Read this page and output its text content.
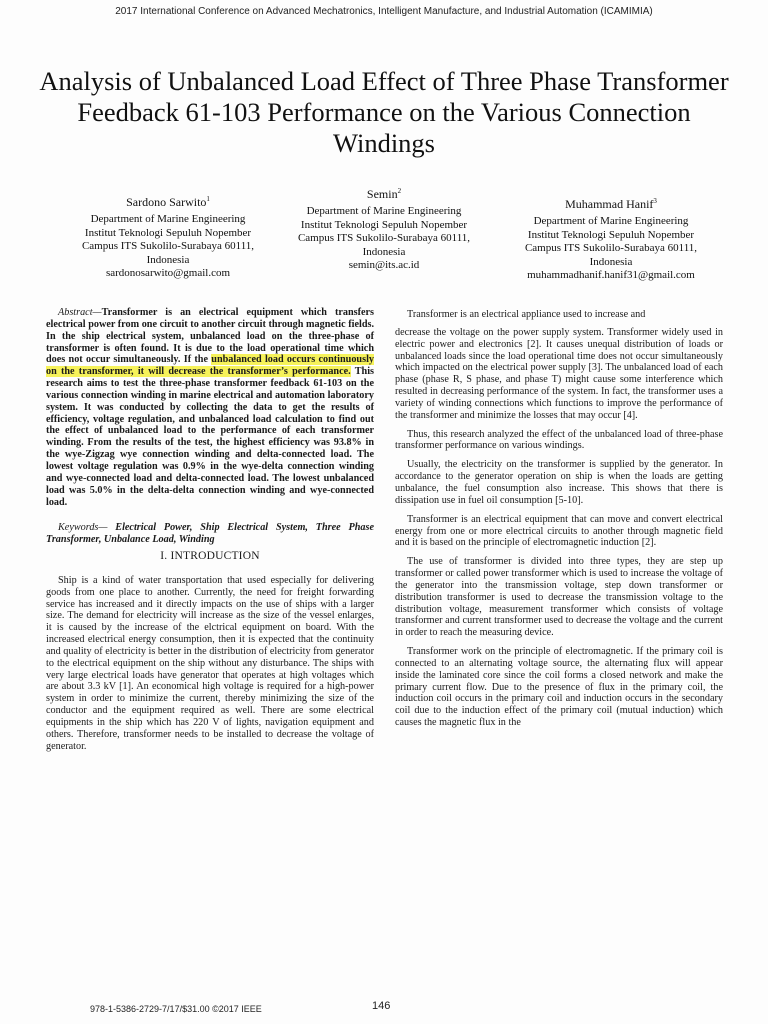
2017 International Conference on Advanced Mechatronics, Intelligent Manufacture, and Industrial Automation (ICAMIMIA)
Analysis of Unbalanced Load Effect of Three Phase Transformer Feedback 61-103 Performance on the Various Connection Windings
Sardono Sarwito$^1$
Department of Marine Engineering
Institut Teknologi Sepuluh Nopember
Campus ITS Sukolilo-Surabaya 60111,
Indonesia
sardonosarwito@gmail.com
Semin$^2$
Department of Marine Engineering
Institut Teknologi Sepuluh Nopember
Campus ITS Sukolilo-Surabaya 60111,
Indonesia
semin@its.ac.id
Muhammad Hanif$^3$
Department of Marine Engineering
Institut Teknologi Sepuluh Nopember
Campus ITS Sukolilo-Surabaya 60111,
Indonesia
muhammadhanif.hanif31@gmail.com

Abstract—Transformer is an electrical equipment which transfers electrical power from one circuit to another circuit through magnetic fields. In the ship electrical system, unbalanced load on the three-phase of transformer is often found. It is due to the load operational time which does not occur simultaneously. If the unbalanced load occurs continuously on the transformer, it will decrease the transformer’s performance. This research aims to test the three-phase transformer feedback 61-103 on the various connection winding in marine electrical and automation laboratory system. It was conducted by collecting the data to get the results of efficiency, voltage regulation, and unbalanced load calculation to find out the effect of unbalanced load to the performance of each transformer winding. From the results of the test, the highest efficiency was 93.8% in the wye-Zigzag wye connection winding and delta-connected load. The lowest voltage regulation was 0.9% in the wye-delta connection winding and wye-connected load and delta-connected load. The lowest unbalanced load was 5.0% in the delta-delta connection winding and wye-connected load.

Keywords— Electrical Power, Ship Electrical System, Three Phase Transformer, Unbalance Load, Winding

I. INTRODUCTION

Ship is a kind of water transportation that used especially for delivering goods from one place to another. Currently, the need for freight forwarding service has increased and it directly impacts on the use of ships with a larger size. The demand for electricity will increase as the size of the vessel enlarges, it is caused by the increase of the elctrical equipment on board. With the increased electrical energy consumption, then it is expected that the continuity and quality of electricity is better in the distribution of electricity from generator to the electrical equipment on the ship without any disturbance. The ships with very large electrical loads have generator that operates at high voltages which are about 3.3 kV [1]. An economical high voltage is required for a high-power system in order to minimize the current, thereby minimizing the size of the conductor and the equipment required as well. There are some electrical equipments in the ship which has 220 V of lights, navigation equipment and others. Therefore, transformer needs to be installed to decrease the voltage of generator.

Transformer is an electrical appliance used to increase and

decrease the voltage on the power supply system. Transformer widely used in electric power and electronics [2]. It causes unequal distribution of loads or unbalanced loads since the load operational time does not occur simultaneously which impacted on the electrical power supply [3]. The unbalanced load of each phase (phase R, S phase, and phase T) might cause some interference which resulted in decreasing performance of the system. In fact, the transformer uses a variety of winding connections which functions to improve the performance of the transformer and minimize the losses that may occur [4].

Thus, this research analyzed the effect of the unbalanced load of three-phase transformer performance on various windings.

Usually, the electricity on the transformer is supplied by the generator. In accordance to the generator operation on ship is when the loads are getting unbalance, the fuel consumption also increase. This shows that there is dissipation use in fuel oil consumption [5-10].

Transformer is an electrical equipment that can move and convert electrical energy from one or more electrical circuits to another through magnetic field and it is based on the principle of electromagnetic induction [2].

The use of transformer is divided into three types, they are step up transformer or called power transformer which is used to increase the voltage of the generator into the transmission voltage, step down transformer or distribution transformer is used to decrease the transmission voltage to the distribution voltage, measurement transformer which consists of voltage transformer and current transformer used to decrease the voltage and the current in order to reach the measuring device.

Transformer work on the principle of electromagnetic. If the primary coil is connected to an alternating voltage source, the alternating flux will appear inside the laminated core since the coil forms a closed network and make the primary current flow. Due to the presence of flux in the primary coil, the induction coil occurs in the primary coil and induction occurs in the secondary coil due to the induction effect of the primary coil (mutual induction) which causes the magnetic flux in the

978-1-5386-2729-7/17/$31.00 ©2017 IEEE	146
